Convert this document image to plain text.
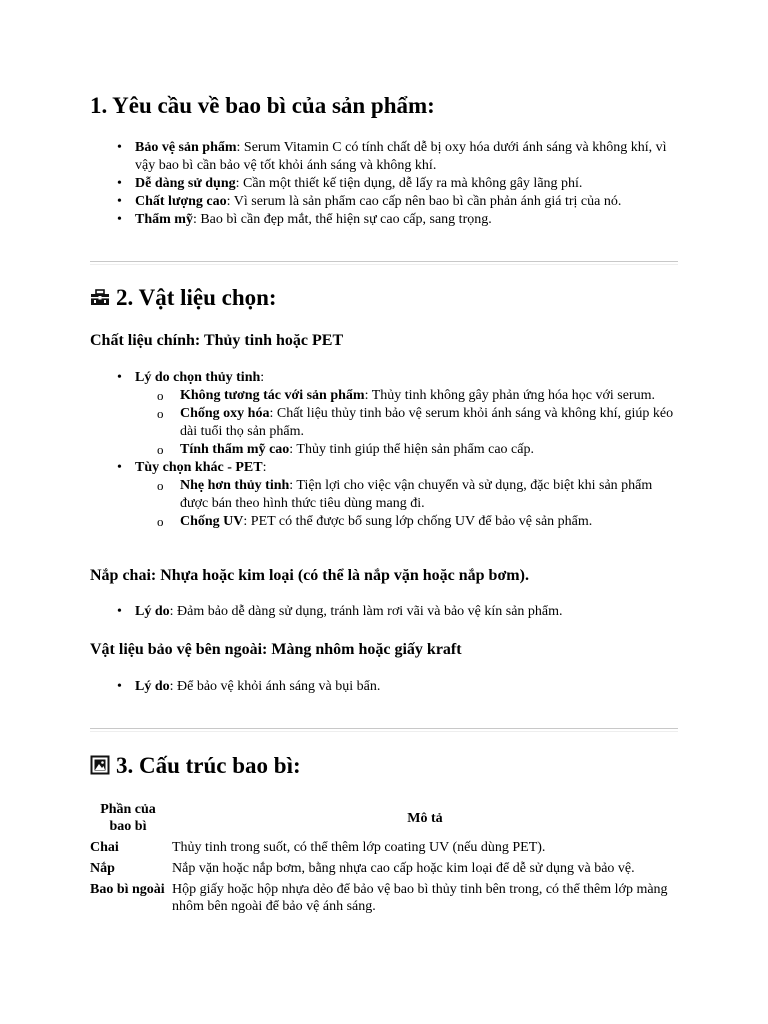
1. Yêu cầu về bao bì của sản phẩm:
• Bảo vệ sản phẩm: Serum Vitamin C có tính chất dễ bị oxy hóa dưới ánh sáng và không khí, vì vậy bao bì cần bảo vệ tốt khỏi ánh sáng và không khí.
• Dễ dàng sử dụng: Cần một thiết kế tiện dụng, dễ lấy ra mà không gây lãng phí.
• Chất lượng cao: Vì serum là sản phẩm cao cấp nên bao bì cần phản ánh giá trị của nó.
• Thẩm mỹ: Bao bì cần đẹp mắt, thể hiện sự cao cấp, sang trọng.
2. Vật liệu chọn:
Chất liệu chính: Thủy tinh hoặc PET
• Lý do chọn thủy tinh:
o Không tương tác với sản phẩm: Thủy tinh không gây phản ứng hóa học với serum.
o Chống oxy hóa: Chất liệu thủy tinh bảo vệ serum khỏi ánh sáng và không khí, giúp kéo dài tuổi thọ sản phẩm.
o Tính thẩm mỹ cao: Thủy tinh giúp thể hiện sản phẩm cao cấp.
• Tùy chọn khác - PET:
o Nhẹ hơn thủy tinh: Tiện lợi cho việc vận chuyển và sử dụng, đặc biệt khi sản phẩm được bán theo hình thức tiêu dùng mang đi.
o Chống UV: PET có thể được bổ sung lớp chống UV để bảo vệ sản phẩm.
Nắp chai: Nhựa hoặc kim loại (có thể là nắp vặn hoặc nắp bơm).
• Lý do: Đảm bảo dễ dàng sử dụng, tránh làm rơi vãi và bảo vệ kín sản phẩm.
Vật liệu bảo vệ bên ngoài: Màng nhôm hoặc giấy kraft
• Lý do: Để bảo vệ khỏi ánh sáng và bụi bẩn.
3. Cấu trúc bao bì:
Phần của bao bì	Mô tả
Chai	Thủy tinh trong suốt, có thể thêm lớp coating UV (nếu dùng PET).
Nắp	Nắp vặn hoặc nắp bơm, bằng nhựa cao cấp hoặc kim loại để dễ sử dụng và bảo vệ.
Bao bì ngoài	Hộp giấy hoặc hộp nhựa dẻo để bảo vệ bao bì thủy tinh bên trong, có thể thêm lớp màng nhôm bên ngoài để bảo vệ ánh sáng.
